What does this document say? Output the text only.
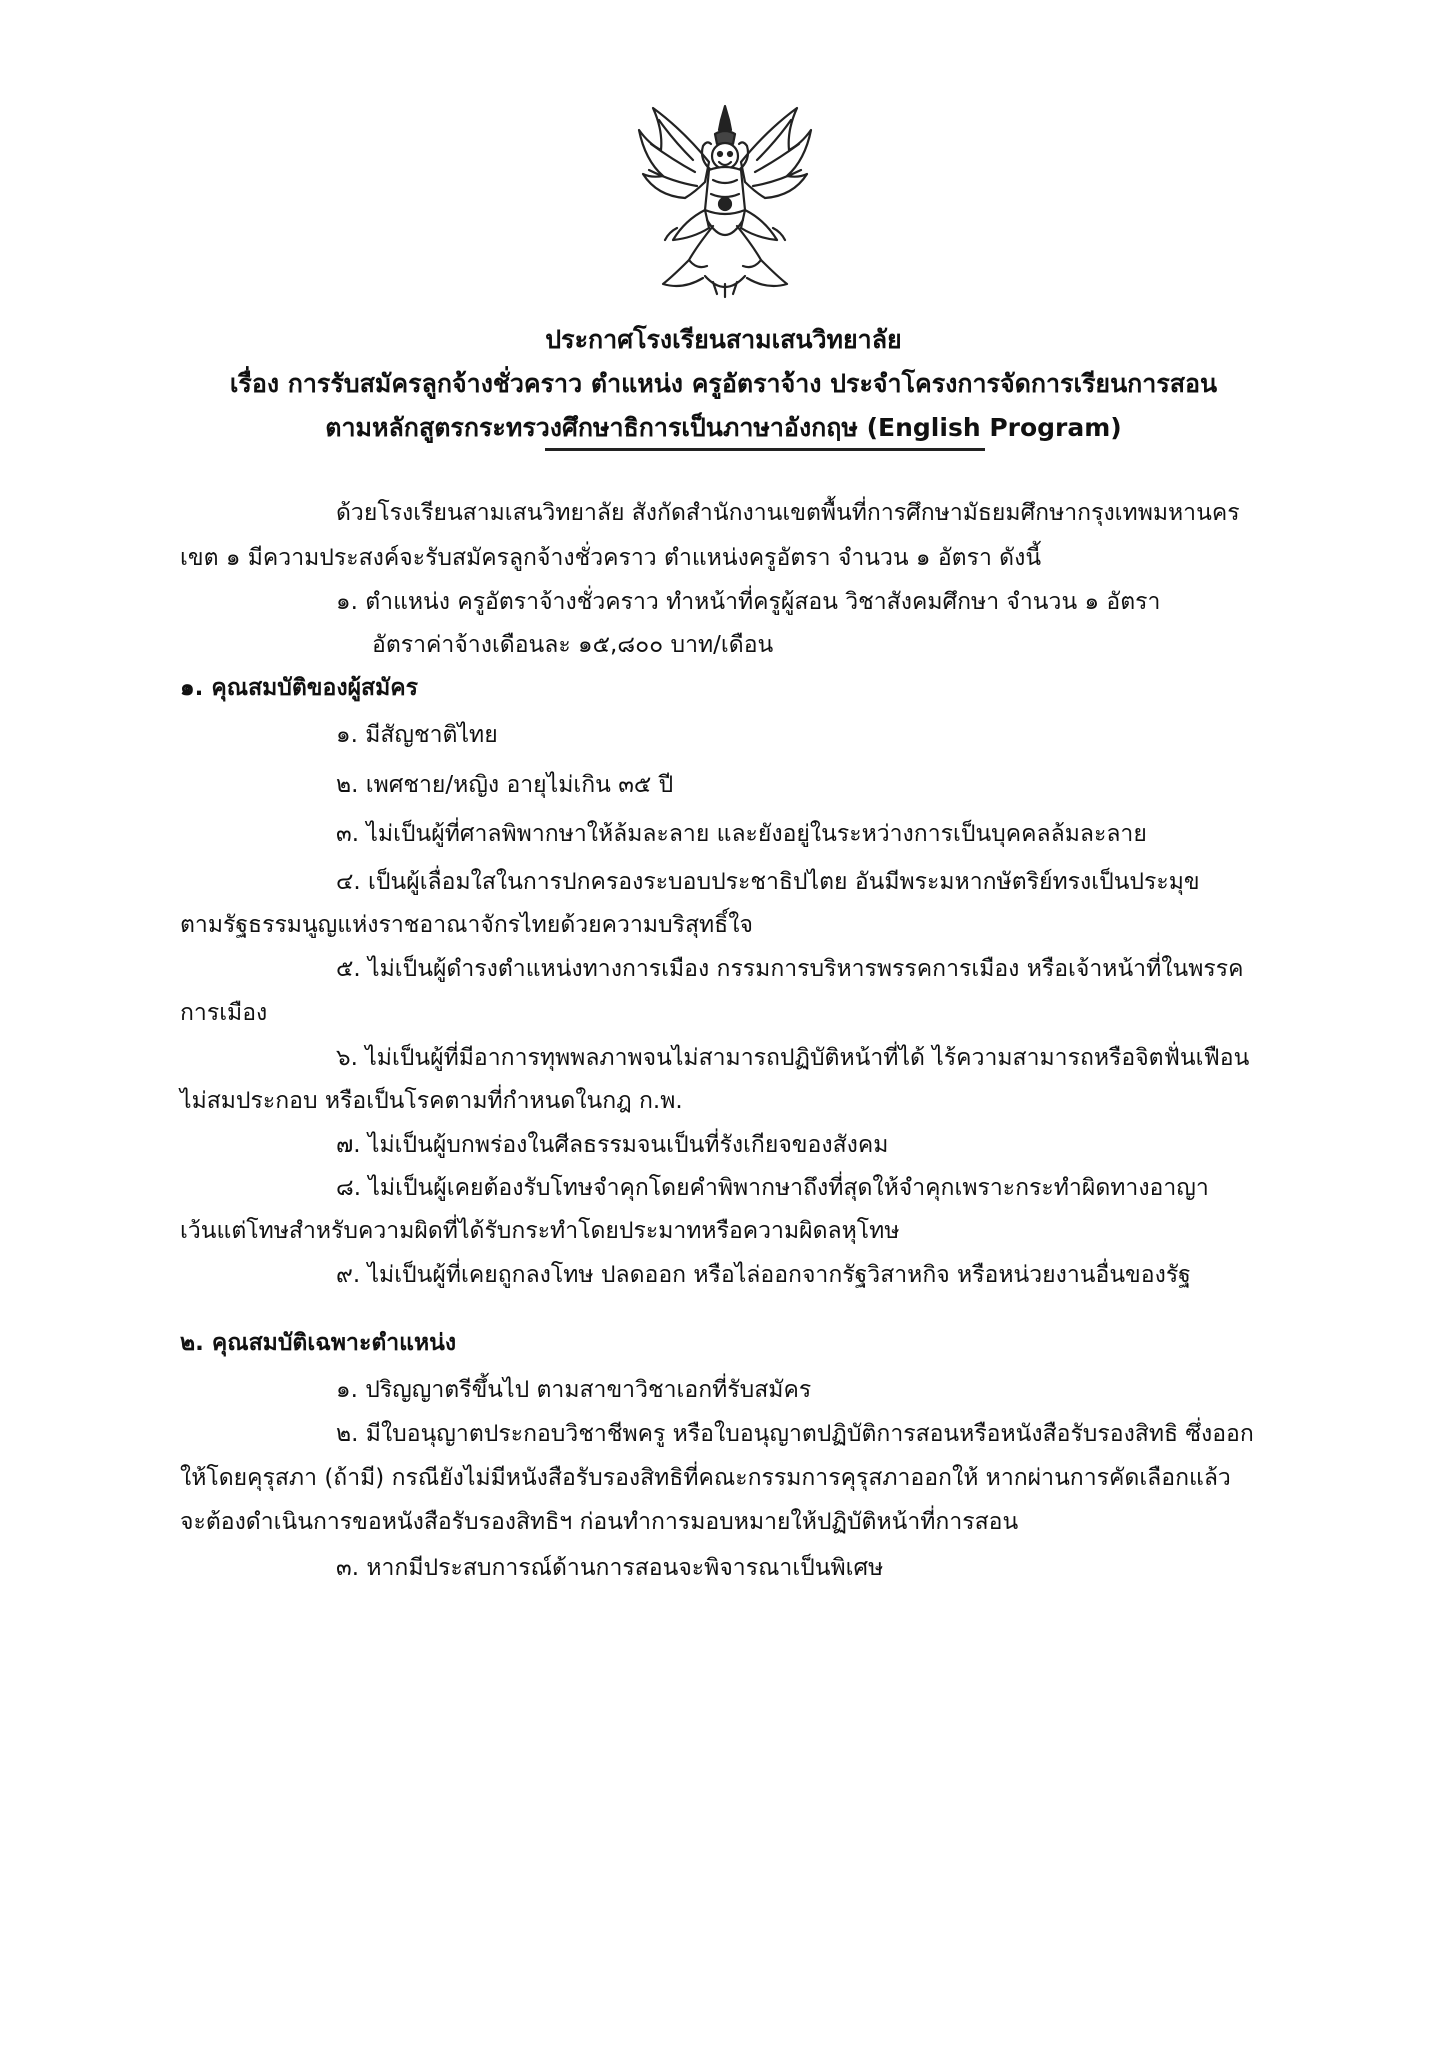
ประกาศโรงเรียนสามเสนวิทยาลัย
เรื่อง การรับสมัครลูกจ้างชั่วคราว ตำแหน่ง ครูอัตราจ้าง ประจำโครงการจัดการเรียนการสอน
ตามหลักสูตรกระทรวงศึกษาธิการเป็นภาษาอังกฤษ (English Program)
ด้วยโรงเรียนสามเสนวิทยาลัย สังกัดสำนักงานเขตพื้นที่การศึกษามัธยมศึกษากรุงเทพมหานคร
เขต ๑ มีความประสงค์จะรับสมัครลูกจ้างชั่วคราว ตำแหน่งครูอัตรา จำนวน ๑ อัตรา ดังนี้
๑. ตำแหน่ง ครูอัตราจ้างชั่วคราว ทำหน้าที่ครูผู้สอน วิชาสังคมศึกษา จำนวน ๑ อัตรา
อัตราค่าจ้างเดือนละ ๑๕,๘๐๐ บาท/เดือน
๑. คุณสมบัติของผู้สมัคร
๑. มีสัญชาติไทย
๒. เพศชาย/หญิง อายุไม่เกิน ๓๕ ปี
๓. ไม่เป็นผู้ที่ศาลพิพากษาให้ล้มละลาย และยังอยู่ในระหว่างการเป็นบุคคลล้มละลาย
๔. เป็นผู้เลื่อมใสในการปกครองระบอบประชาธิปไตย อันมีพระมหากษัตริย์ทรงเป็นประมุข
ตามรัฐธรรมนูญแห่งราชอาณาจักรไทยด้วยความบริสุทธิ์ใจ
๕. ไม่เป็นผู้ดำรงตำแหน่งทางการเมือง กรรมการบริหารพรรคการเมือง หรือเจ้าหน้าที่ในพรรค
การเมือง
๖. ไม่เป็นผู้ที่มีอาการทุพพลภาพจนไม่สามารถปฏิบัติหน้าที่ได้ ไร้ความสามารถหรือจิตฟั่นเฟือน
ไม่สมประกอบ หรือเป็นโรคตามที่กำหนดในกฎ ก.พ.
๗. ไม่เป็นผู้บกพร่องในศีลธรรมจนเป็นที่รังเกียจของสังคม
๘. ไม่เป็นผู้เคยต้องรับโทษจำคุกโดยคำพิพากษาถึงที่สุดให้จำคุกเพราะกระทำผิดทางอาญา
เว้นแต่โทษสำหรับความผิดที่ได้รับกระทำโดยประมาทหรือความผิดลหุโทษ
๙. ไม่เป็นผู้ที่เคยถูกลงโทษ ปลดออก หรือไล่ออกจากรัฐวิสาหกิจ หรือหน่วยงานอื่นของรัฐ
๒. คุณสมบัติเฉพาะตำแหน่ง
๑. ปริญญาตรีขึ้นไป ตามสาขาวิชาเอกที่รับสมัคร
๒. มีใบอนุญาตประกอบวิชาชีพครู หรือใบอนุญาตปฏิบัติการสอนหรือหนังสือรับรองสิทธิ ซึ่งออก
ให้โดยคุรุสภา (ถ้ามี) กรณียังไม่มีหนังสือรับรองสิทธิที่คณะกรรมการคุรุสภาออกให้ หากผ่านการคัดเลือกแล้ว
จะต้องดำเนินการขอหนังสือรับรองสิทธิฯ ก่อนทำการมอบหมายให้ปฏิบัติหน้าที่การสอน
๓. หากมีประสบการณ์ด้านการสอนจะพิจารณาเป็นพิเศษ
